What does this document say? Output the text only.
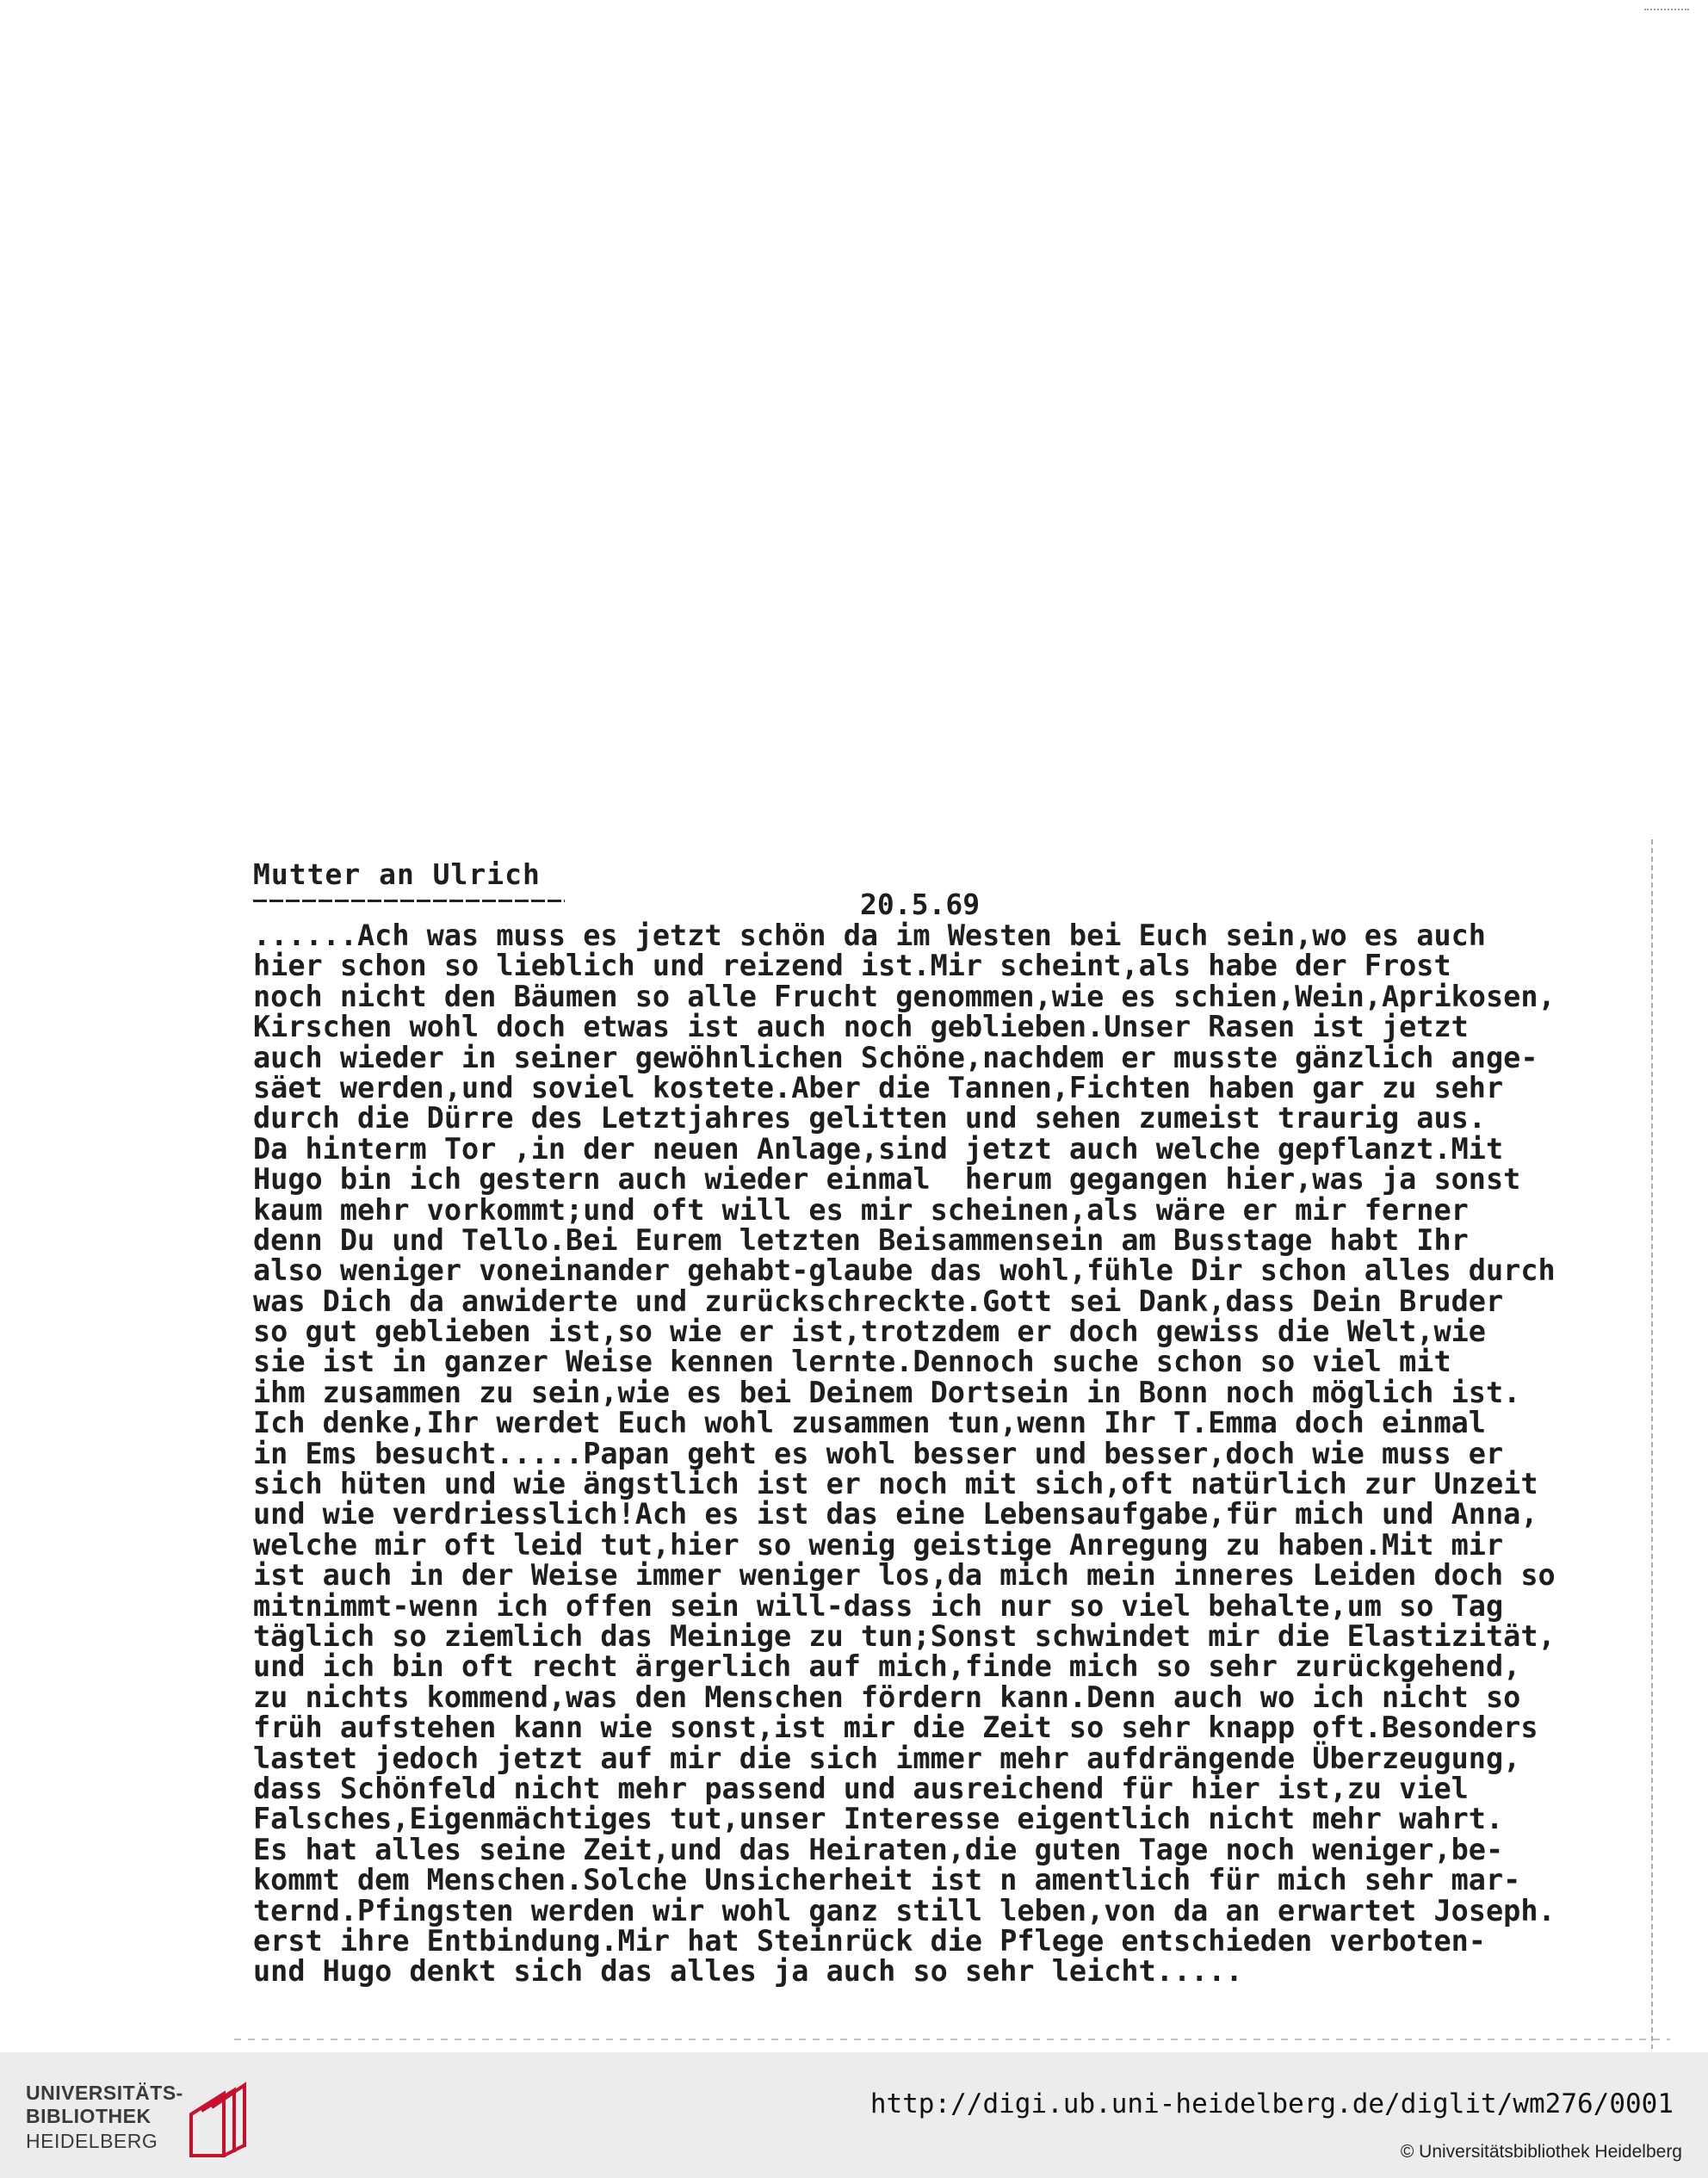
Mutter an Ulrich
20.5.69
......Ach was muss es jetzt schön da im Westen bei Euch sein,wo es auch
hier schon so lieblich und reizend ist.Mir scheint,als habe der Frost
noch nicht den Bäumen so alle Frucht genommen,wie es schien,Wein,Aprikosen,
Kirschen wohl doch etwas ist auch noch geblieben.Unser Rasen ist jetzt
auch wieder in seiner gewöhnlichen Schöne,nachdem er musste gänzlich ange-
säet werden,und soviel kostete.Aber die Tannen,Fichten haben gar zu sehr
durch die Dürre des Letztjahres gelitten und sehen zumeist traurig aus.
Da hinterm Tor ,in der neuen Anlage,sind jetzt auch welche gepflanzt.Mit
Hugo bin ich gestern auch wieder einmal  herum gegangen hier,was ja sonst
kaum mehr vorkommt;und oft will es mir scheinen,als wäre er mir ferner
denn Du und Tello.Bei Eurem letzten Beisammensein am Busstage habt Ihr
also weniger voneinander gehabt-glaube das wohl,fühle Dir schon alles durch
was Dich da anwiderte und zurückschreckte.Gott sei Dank,dass Dein Bruder
so gut geblieben ist,so wie er ist,trotzdem er doch gewiss die Welt,wie
sie ist in ganzer Weise kennen lernte.Dennoch suche schon so viel mit
ihm zusammen zu sein,wie es bei Deinem Dortsein in Bonn noch möglich ist.
Ich denke,Ihr werdet Euch wohl zusammen tun,wenn Ihr T.Emma doch einmal
in Ems besucht.....Papan geht es wohl besser und besser,doch wie muss er
sich hüten und wie ängstlich ist er noch mit sich,oft natürlich zur Unzeit
und wie verdriesslich!Ach es ist das eine Lebensaufgabe,für mich und Anna,
welche mir oft leid tut,hier so wenig geistige Anregung zu haben.Mit mir
ist auch in der Weise immer weniger los,da mich mein inneres Leiden doch so
mitnimmt-wenn ich offen sein will-dass ich nur so viel behalte,um so Tag
täglich so ziemlich das Meinige zu tun;Sonst schwindet mir die Elastizität,
und ich bin oft recht ärgerlich auf mich,finde mich so sehr zurückgehend,
zu nichts kommend,was den Menschen fördern kann.Denn auch wo ich nicht so
früh aufstehen kann wie sonst,ist mir die Zeit so sehr knapp oft.Besonders
lastet jedoch jetzt auf mir die sich immer mehr aufdrängende Überzeugung,
dass Schönfeld nicht mehr passend und ausreichend für hier ist,zu viel
Falsches,Eigenmächtiges tut,unser Interesse eigentlich nicht mehr wahrt.
Es hat alles seine Zeit,und das Heiraten,die guten Tage noch weniger,be-
kommt dem Menschen.Solche Unsicherheit ist n amentlich für mich sehr mar-
ternd.Pfingsten werden wir wohl ganz still leben,von da an erwartet Joseph.
erst ihre Entbindung.Mir hat Steinrück die Pflege entschieden verboten-
und Hugo denkt sich das alles ja auch so sehr leicht.....
UNIVERSITÄTS-
BIBLIOTHEK
HEIDELBERG
http://digi.ub.uni-heidelberg.de/diglit/wm276/0001
© Universitätsbibliothek Heidelberg
